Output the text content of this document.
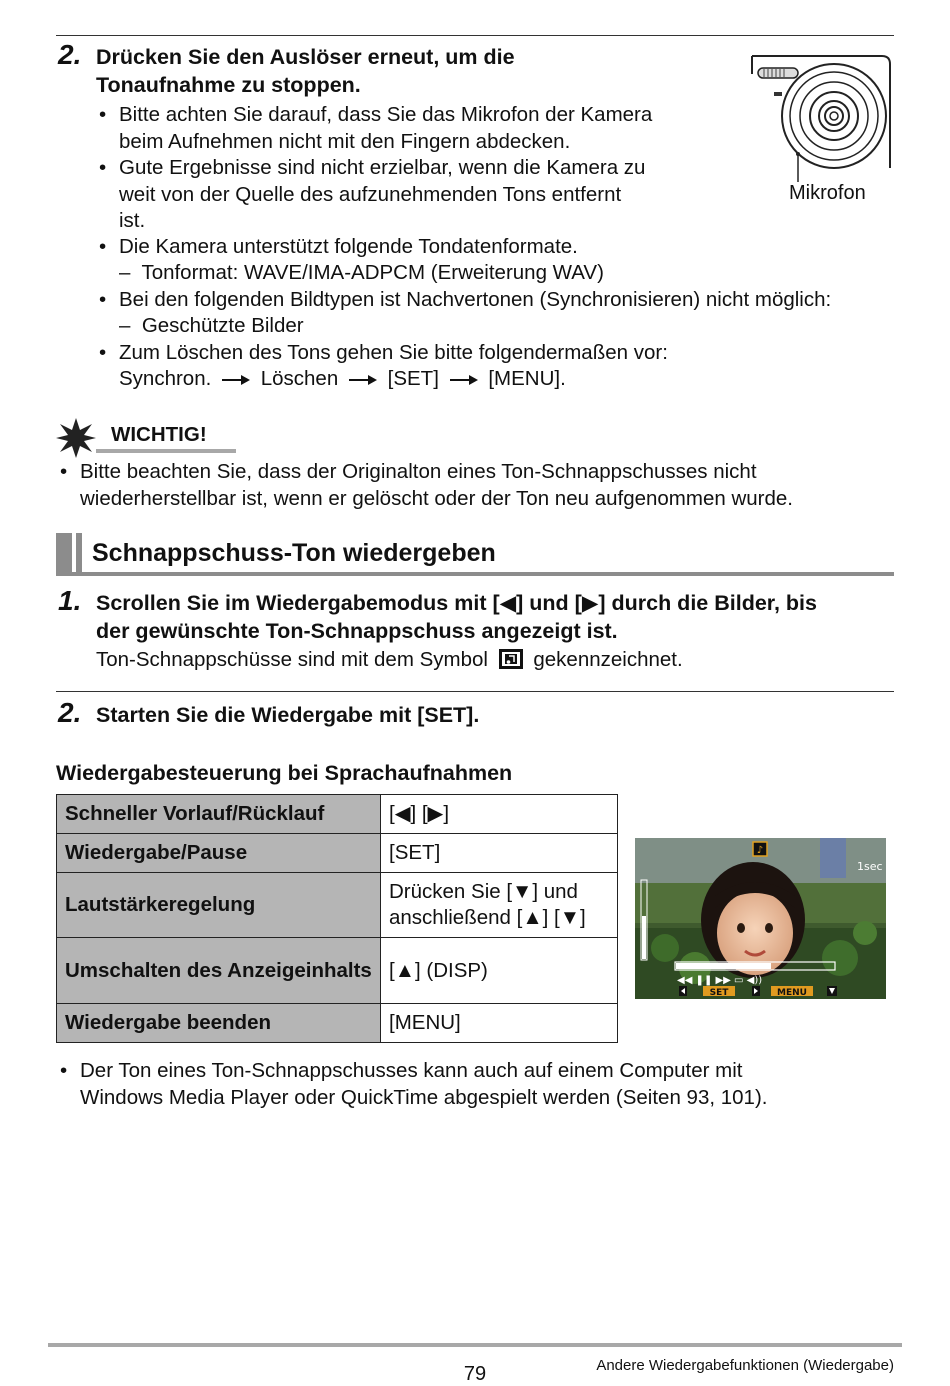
2. Drücken Sie den Auslöser erneut, um die
Tonaufnahme zu stoppen.
• Bitte achten Sie darauf, dass Sie das Mikrofon der Kamera
beim Aufnehmen nicht mit den Fingern abdecken.
• Gute Ergebnisse sind nicht erzielbar, wenn die Kamera zu
weit von der Quelle des aufzunehmenden Tons entfernt
ist.
• Die Kamera unterstützt folgende Tondatenformate.
– Tonformat: WAVE/IMA-ADPCM (Erweiterung WAV)
• Bei den folgenden Bildtypen ist Nachvertonen (Synchronisieren) nicht möglich:
– Geschützte Bilder
• Zum Löschen des Tons gehen Sie bitte folgendermaßen vor:
Synchron. Löschen [SET] [MENU].
Mikrofon
WICHTIG!
• Bitte beachten Sie, dass der Originalton eines Ton-Schnappschusses nicht
wiederherstellbar ist, wenn er gelöscht oder der Ton neu aufgenommen wurde.
Schnappschuss-Ton wiedergeben
1. Scrollen Sie im Wiedergabemodus mit [◀] und [▶] durch die Bilder, bis
der gewünschte Ton-Schnappschuss angezeigt ist.
Ton-Schnappschüsse sind mit dem Symbol gekennzeichnet.
2. Starten Sie die Wiedergabe mit [SET].
Wiedergabesteuerung bei Sprachaufnahmen
Schneller Vorlauf/Rücklauf	[◀] [▶]
Wiedergabe/Pause	[SET]
Lautstärkeregelung	Drücken Sie [▼] und anschließend [▲] [▼]
Umschalten des Anzeigeinhalts	[▲] (DISP)
Wiedergabe beenden	[MENU]
♪
1sec
◀◀ ❚❚ ▶▶ ▭ ◀))
SET	MENU
• Der Ton eines Ton-Schnappschusses kann auch auf einem Computer mit
Windows Media Player oder QuickTime abgespielt werden (Seiten 93, 101).
79	Andere Wiedergabefunktionen (Wiedergabe)
